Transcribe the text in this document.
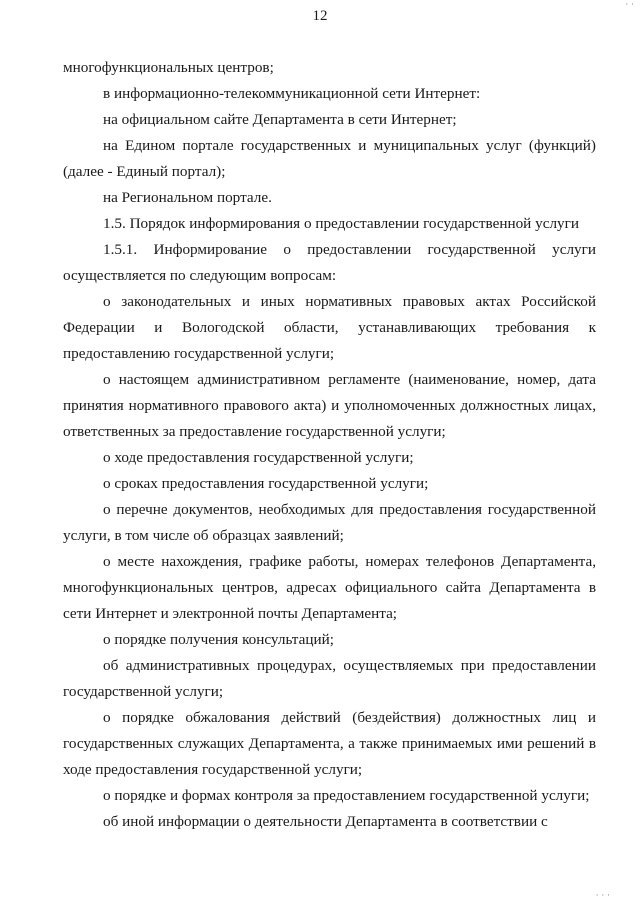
12

многофункциональных центров;

в информационно-телекоммуникационной сети Интернет:

на официальном сайте Департамента в сети Интернет;

на Едином портале государственных и муниципальных услуг (функций) (далее - Единый портал);

на Региональном портале.

1.5. Порядок информирования о предоставлении государственной услуги

1.5.1. Информирование о предоставлении государственной услуги осуществляется по следующим вопросам:

о законодательных и иных нормативных правовых актах Российской Федерации и Вологодской области, устанавливающих требования к предоставлению государственной услуги;

о настоящем административном регламенте (наименование, номер, дата принятия нормативного правового акта) и уполномоченных должностных лицах, ответственных за предоставление государственной услуги;

о ходе предоставления государственной услуги;

о сроках предоставления государственной услуги;

о перечне документов, необходимых для предоставления государственной услуги, в том числе об образцах заявлений;

о месте нахождения, графике работы, номерах телефонов Департамента, многофункциональных центров, адресах официального сайта Департамента в сети Интернет и электронной почты Департамента;

о порядке получения консультаций;

об административных процедурах, осуществляемых при предоставлении государственной услуги;

о порядке обжалования действий (бездействия) должностных лиц и государственных служащих Департамента, а также принимаемых ими решений в ходе предоставления государственной услуги;

о порядке и формах контроля за предоставлением государственной услуги;

об иной информации о деятельности Департамента в соответствии с

· ·
· · ·
